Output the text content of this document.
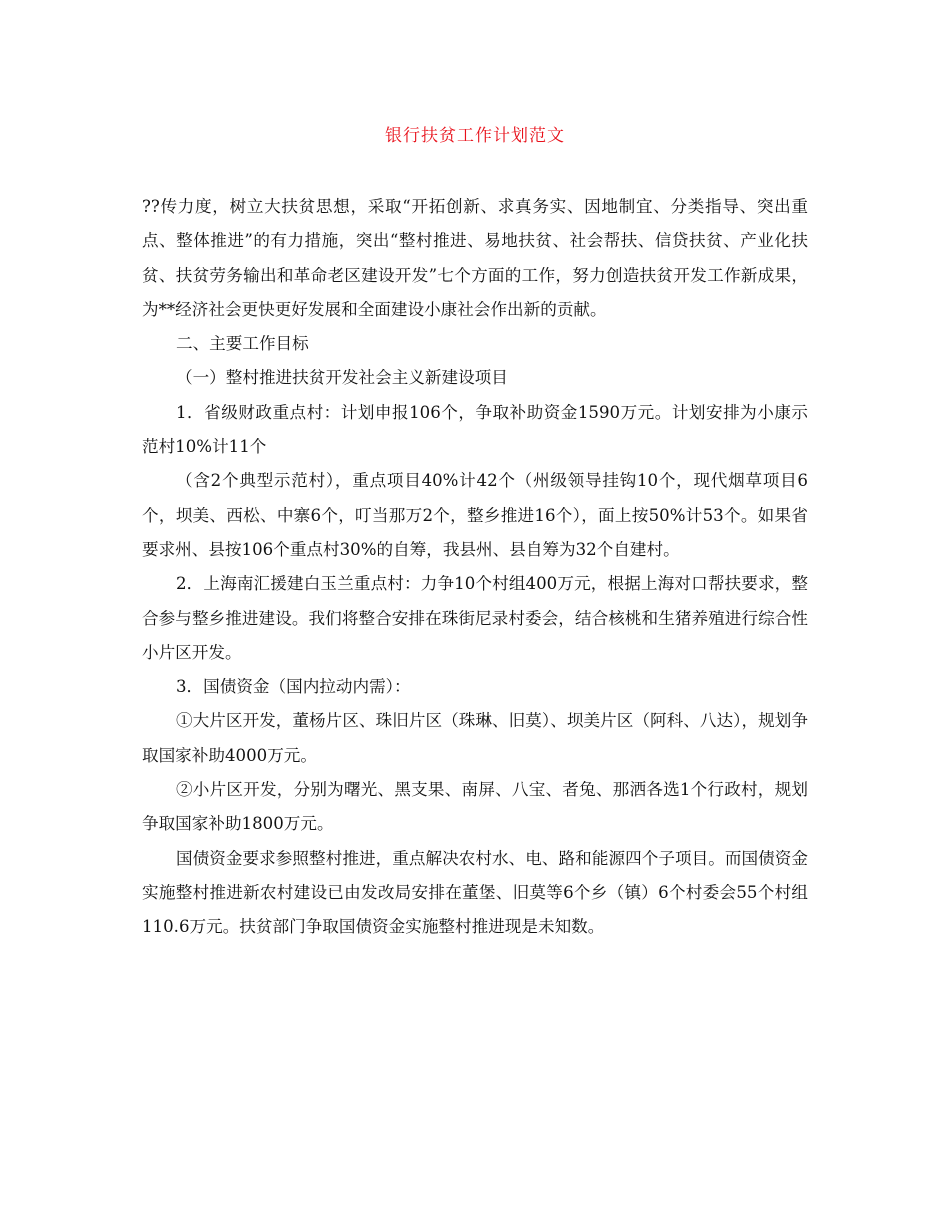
银行扶贫工作计划范文

??传力度，树立大扶贫思想，采取“开拓创新、求真务实、因地制宜、分类指导、突出重点、整体推进”的有力措施，突出“整村推进、易地扶贫、社会帮扶、信贷扶贫、产业化扶贫、扶贫劳务输出和革命老区建设开发”七个方面的工作，努力创造扶贫开发工作新成果，为**经济社会更快更好发展和全面建设小康社会作出新的贡献。

二、主要工作目标

（一）整村推进扶贫开发社会主义新建设项目

1．省级财政重点村：计划申报106个，争取补助资金1590万元。计划安排为小康示范村10%计11个

（含2个典型示范村），重点项目40%计42个（州级领导挂钩10个，现代烟草项目6个，坝美、西松、中寨6个，叮当那万2个，整乡推进16个），面上按50%计53个。如果省要求州、县按106个重点村30%的自筹，我县州、县自筹为32个自建村。

2．上海南汇援建白玉兰重点村：力争10个村组400万元，根据上海对口帮扶要求，整合参与整乡推进建设。我们将整合安排在珠街尼录村委会，结合核桃和生猪养殖进行综合性小片区开发。

3．国债资金（国内拉动内需）：

①大片区开发，董杨片区、珠旧片区（珠琳、旧莫）、坝美片区（阿科、八达），规划争取国家补助4000万元。

②小片区开发，分别为曙光、黑支果、南屏、八宝、者兔、那洒各选1个行政村，规划争取国家补助1800万元。

国债资金要求参照整村推进，重点解决农村水、电、路和能源四个子项目。而国债资金实施整村推进新农村建设已由发改局安排在董堡、旧莫等6个乡（镇）6个村委会55个村组110.6万元。扶贫部门争取国债资金实施整村推进现是未知数。
